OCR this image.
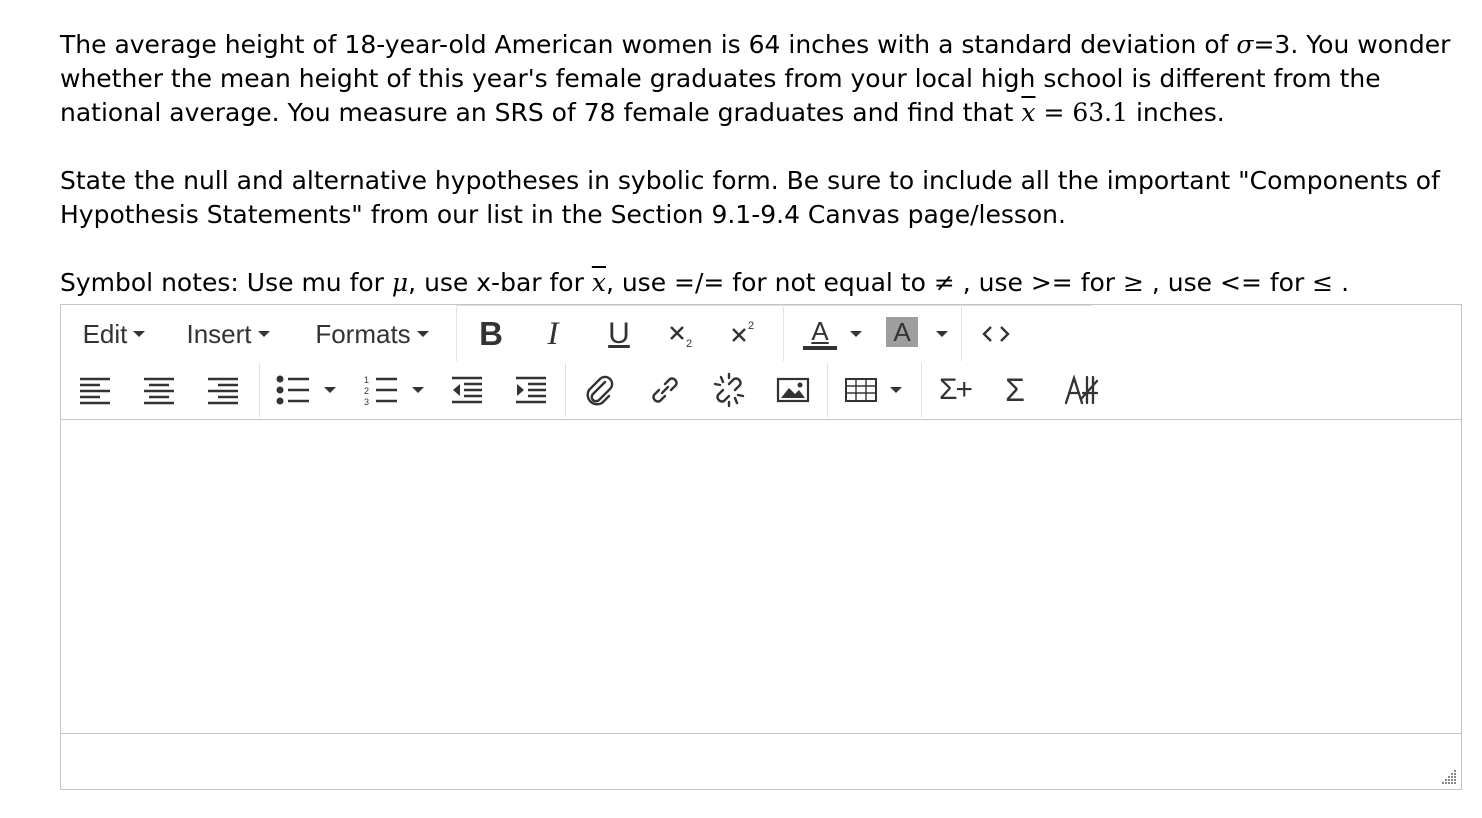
The average height of 18-year-old American women is 64 inches with a standard deviation of σ=3. You wonder whether the mean height of this year's female graduates from your local high school is different from the national average. You measure an SRS of 78 female graduates and find that $\overline{x} = 63.1$ inches.

State the null and alternative hypotheses in sybolic form. Be sure to include all the important "Components of Hypothesis Statements" from our list in the Section 9.1-9.4 Canvas page/lesson.

Symbol notes: Use mu for μ, use x-bar for $\overline{x}$, use =/= for not equal to ≠ , use >= for ≥ , use <= for ≤ .

Edit Insert Formats B	I	U	2
2 A A
1
2
3	Σ+ Σ
